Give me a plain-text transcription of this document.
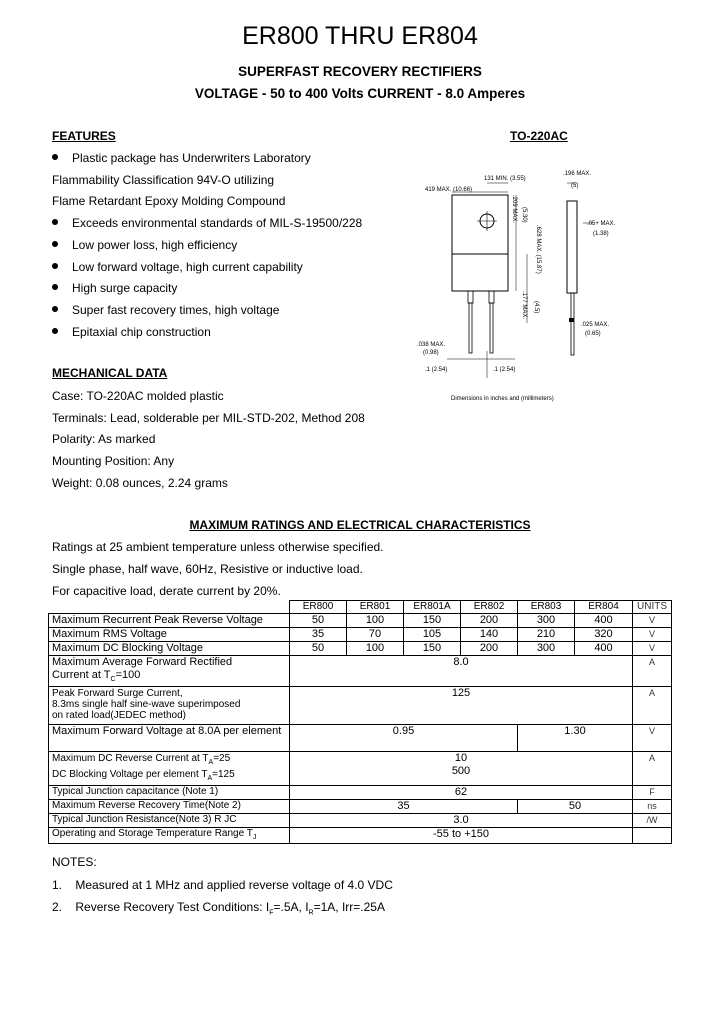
ER800 THRU ER804
SUPERFAST RECOVERY RECTIFIERS
VOLTAGE - 50 to 400 Volts CURRENT - 8.0 Amperes
FEATURES
Plastic package has Underwriters Laboratory
Flammability Classification 94V-O utilizing
Flame Retardant Epoxy Molding Compound
Exceeds environmental standards of MIL-S-19500/228
Low power loss, high efficiency
Low forward voltage, high current capability
High surge capacity
Super fast recovery times, high voltage
Epitaxial chip construction
TO-220AC
131 MIN. (3.55)
.196 MAX.
(5)
419 MAX. (10.66)
.05+ MAX.
(1.38)
.209 MAX. (5.30)
.628 MAX. (15.87)
.177 MAX. (4.5)
.025 MAX.
(0.65)
.038 MAX.
(0.98)
.1 (2.54)	.1 (2.54)
Dimensions in inches and (millimeters)
MECHANICAL DATA
Case: TO-220AC molded plastic
Terminals: Lead, solderable per MIL-STD-202, Method 208
Polarity: As marked
Mounting Position: Any
Weight: 0.08 ounces, 2.24 grams
MAXIMUM RATINGS AND ELECTRICAL CHARACTERISTICS
Ratings at 25 ambient temperature unless otherwise specified.
Single phase, half wave, 60Hz, Resistive or inductive load.
For capacitive load, derate current by 20%.
	ER800	ER801	ER801A	ER802	ER803	ER804	UNITS
Maximum Recurrent Peak Reverse Voltage	50	100	150	200	300	400	V
Maximum RMS Voltage	35	70	105	140	210	320	V
Maximum DC Blocking Voltage	50	100	150	200	300	400	V
Maximum Average Forward Rectified
Current at $T_C=100$	8.0						A
Peak Forward Surge Current,
8.3ms single half sine-wave superimposed
on rated load(JEDEC method)	125						A
Maximum Forward Voltage at 8.0A per element	0.95				1.30		V
Maximum DC Reverse Current at $T_A=25$
DC Blocking Voltage per element $T_A=125$	10
500						A
Typical Junction capacitance (Note 1)	62						F
Maximum Reverse Recovery Time(Note 2)	35				50		ns
Typical Junction Resistance(Note 3) R JC	3.0						/W
Operating and Storage Temperature Range $T_J$	-55 to +150						
NOTES:
1. Measured at 1 MHz and applied reverse voltage of 4.0 VDC
2. Reverse Recovery Test Conditions: $I_F=.5A$, $I_R=1A$, Irr=.25A
